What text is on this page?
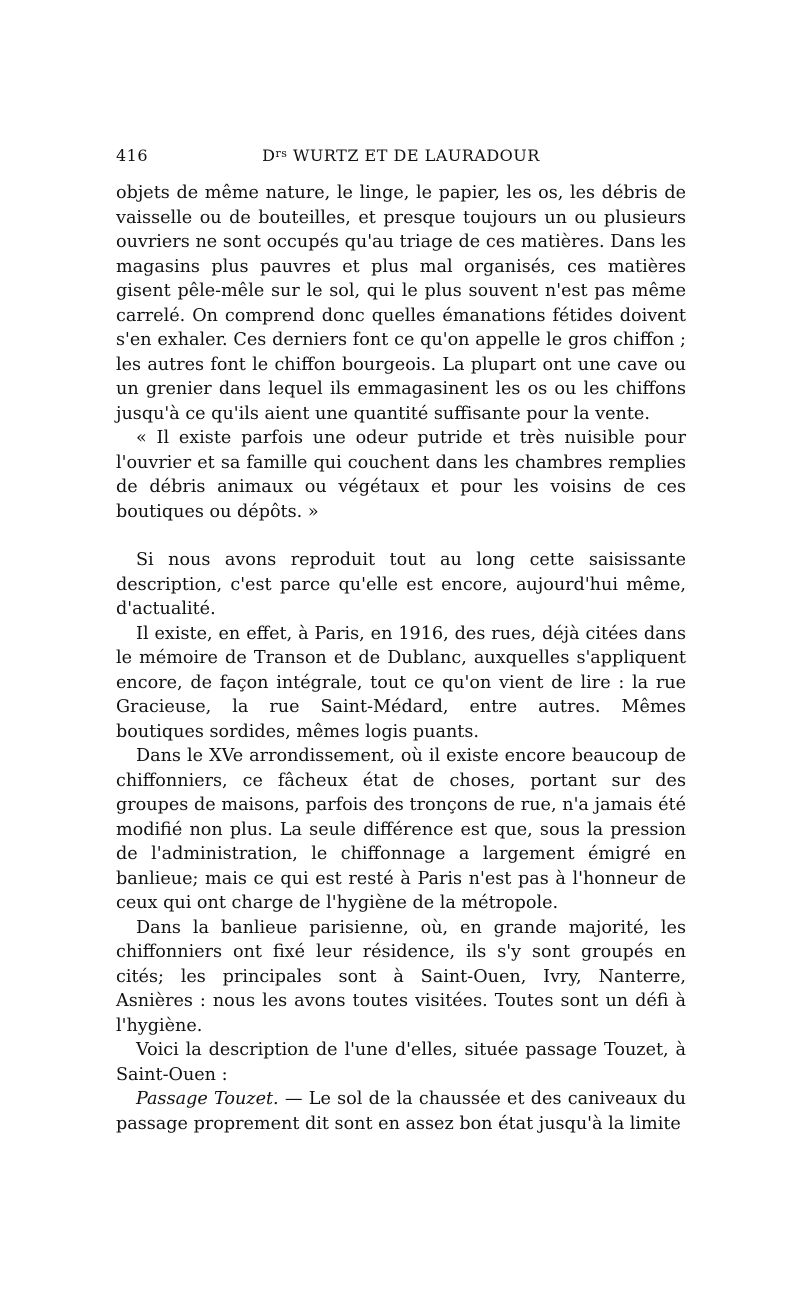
416	$D^{rs}$ WURTZ ET DE LAURADOUR

objets de même nature, le linge, le papier, les os, les débris de vaisselle ou de bouteilles, et presque toujours un ou plusieurs ouvriers ne sont occupés qu'au triage de ces matières. Dans les magasins plus pauvres et plus mal organisés, ces matières gisent pêle-mêle sur le sol, qui le plus souvent n'est pas même carrelé. On comprend donc quelles émanations fétides doivent s'en exhaler. Ces derniers font ce qu'on appelle le gros chiffon ; les autres font le chiffon bourgeois. La plupart ont une cave ou un grenier dans lequel ils emmagasinent les os ou les chiffons jusqu'à ce qu'ils aient une quantité suffisante pour la vente.

« Il existe parfois une odeur putride et très nuisible pour l'ouvrier et sa famille qui couchent dans les chambres remplies de débris animaux ou végétaux et pour les voisins de ces boutiques ou dépôts. »

Si nous avons reproduit tout au long cette saisissante description, c'est parce qu'elle est encore, aujourd'hui même, d'actualité.

Il existe, en effet, à Paris, en 1916, des rues, déjà citées dans le mémoire de Transon et de Dublanc, auxquelles s'appliquent encore, de façon intégrale, tout ce qu'on vient de lire : la rue Gracieuse, la rue Saint-Médard, entre autres. Mêmes boutiques sordides, mêmes logis puants.

Dans le XVe arrondissement, où il existe encore beaucoup de chiffonniers, ce fâcheux état de choses, portant sur des groupes de maisons, parfois des tronçons de rue, n'a jamais été modifié non plus. La seule différence est que, sous la pression de l'administration, le chiffonnage a largement émigré en banlieue; mais ce qui est resté à Paris n'est pas à l'honneur de ceux qui ont charge de l'hygiène de la métropole.

Dans la banlieue parisienne, où, en grande majorité, les chiffonniers ont fixé leur résidence, ils s'y sont groupés en cités; les principales sont à Saint-Ouen, Ivry, Nanterre, Asnières : nous les avons toutes visitées. Toutes sont un défi à l'hygiène.

Voici la description de l'une d'elles, située passage Touzet, à Saint-Ouen :

Passage Touzet. — Le sol de la chaussée et des caniveaux du passage proprement dit sont en assez bon état jusqu'à la limite
